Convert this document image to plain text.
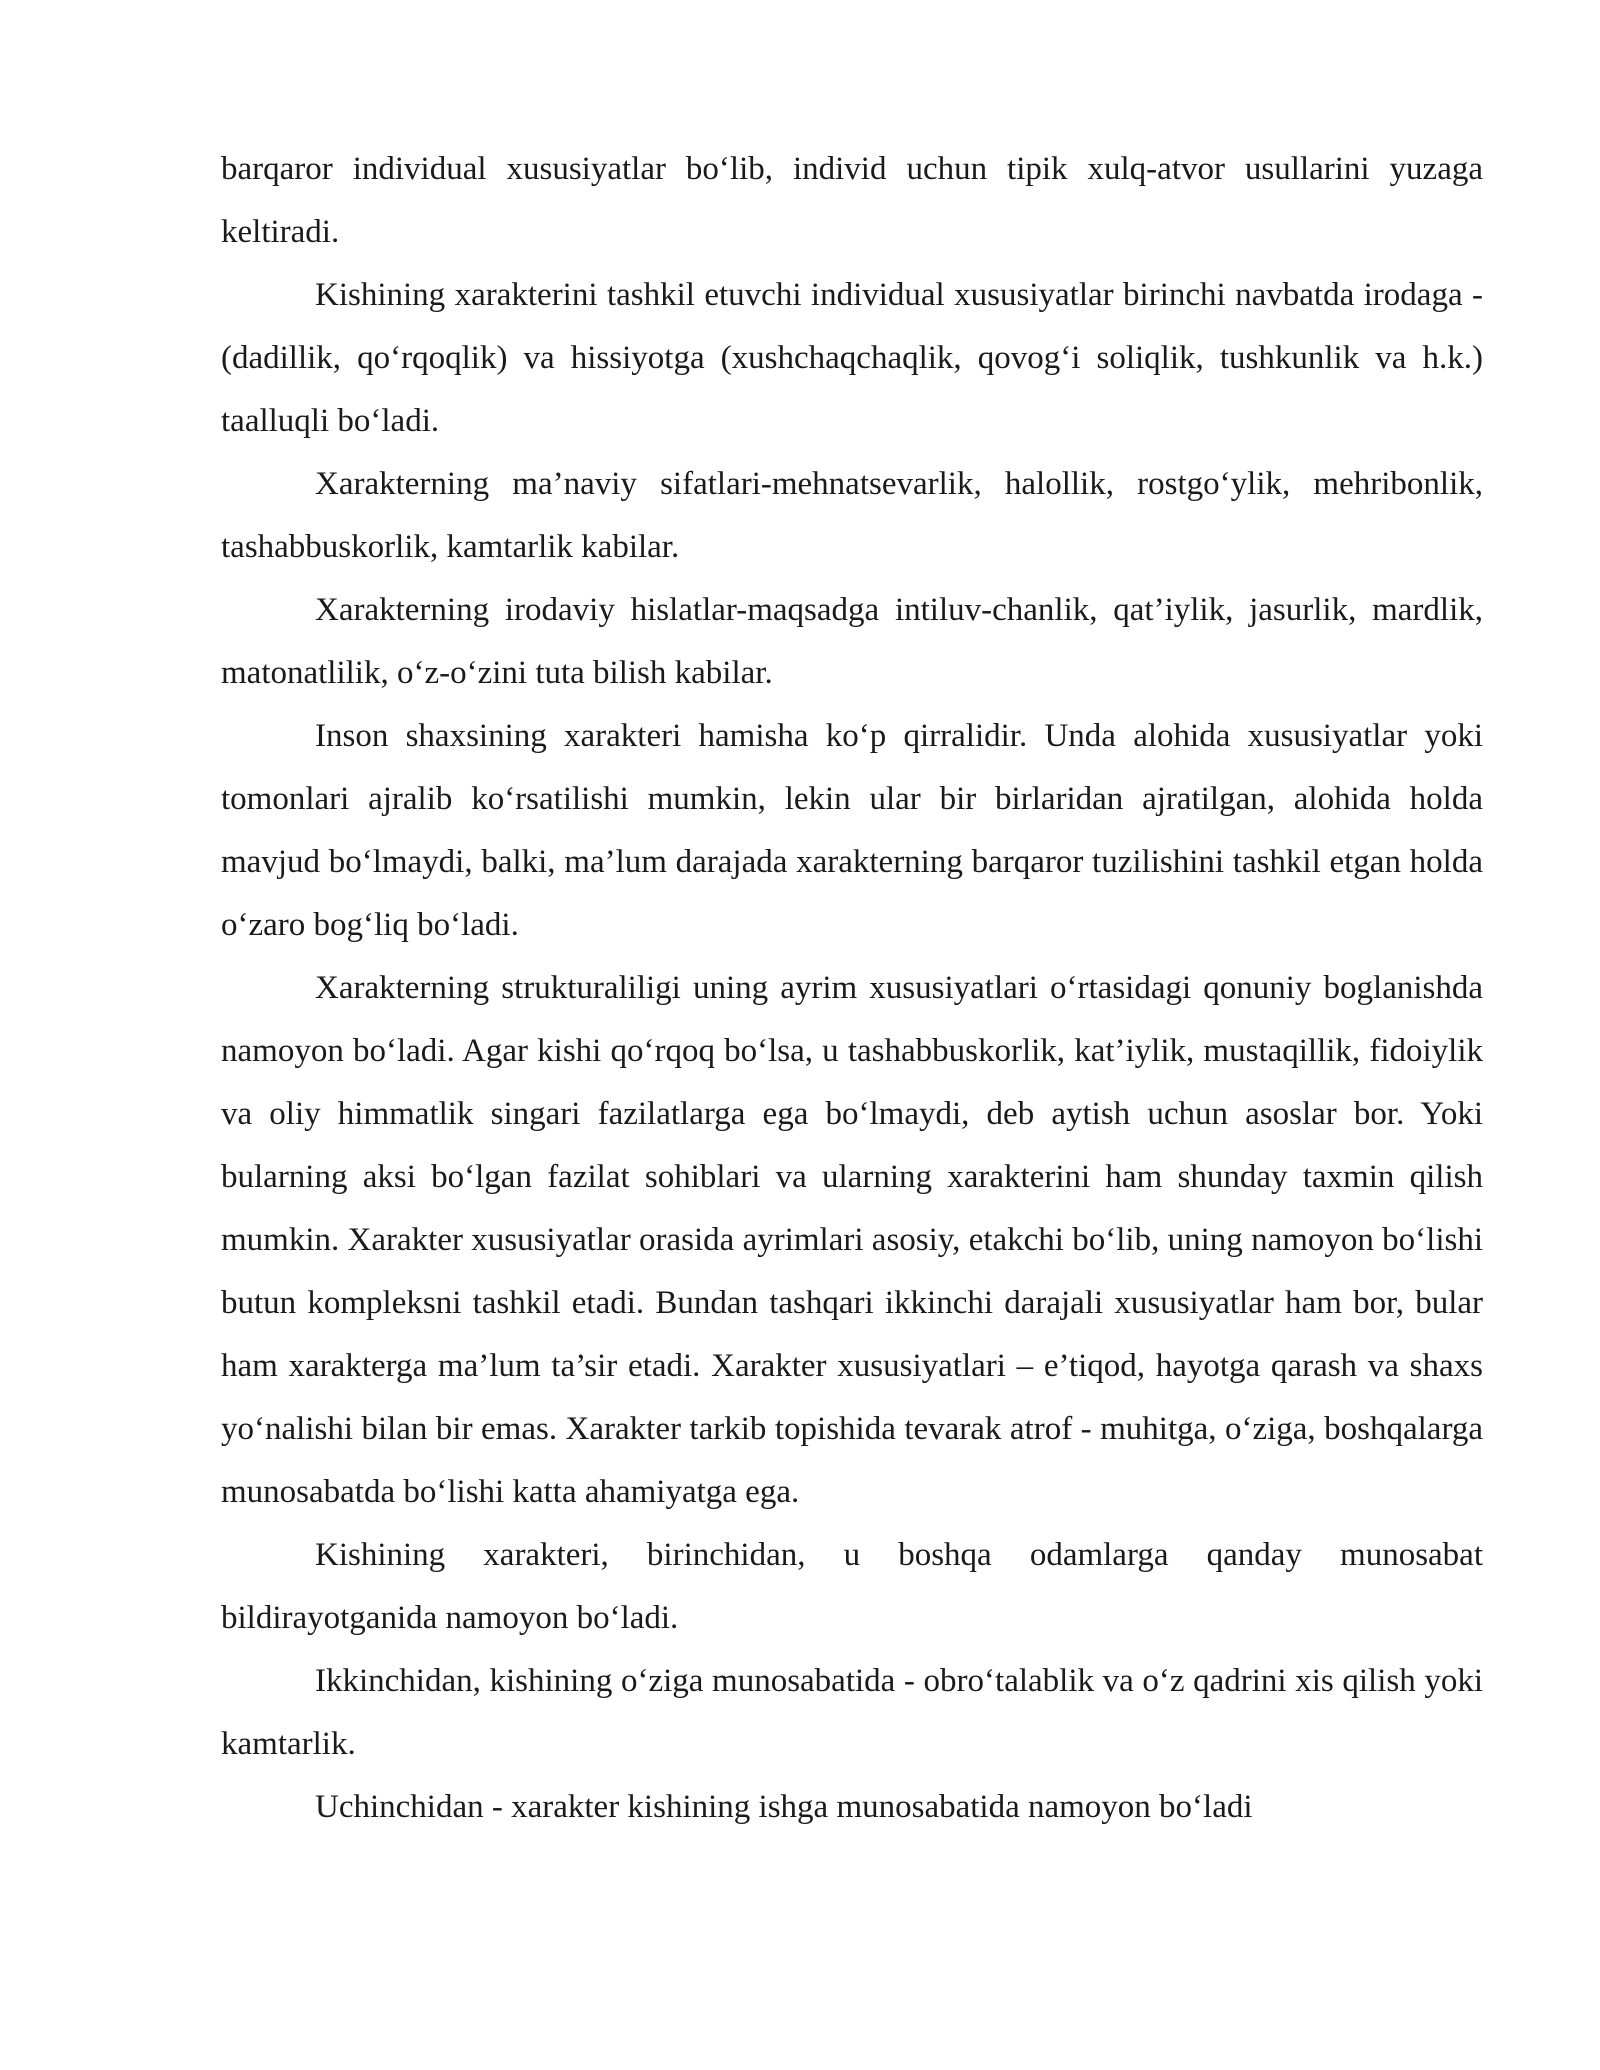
barqaror individual xususiyatlar bo‘lib, individ uchun tipik xulq-atvor usullarini yuzaga keltiradi.

Kishining xarakterini tashkil etuvchi individual xususiyatlar birinchi navbatda irodaga - (dadillik, qo‘rqoqlik) va hissiyotga (xushchaqchaqlik, qovog‘i soliqlik, tushkunlik va h.k.) taalluqli bo‘ladi.

Xarakterning ma’naviy sifatlari-mehnatsevarlik, halollik, rostgo‘ylik, mehribonlik, tashabbuskorlik, kamtarlik kabilar.

Xarakterning irodaviy hislatlar-maqsadga intiluv-chanlik, qat’iylik, jasurlik, mardlik, matonatlilik, o‘z-o‘zini tuta bilish kabilar.

Inson shaxsining xarakteri hamisha ko‘p qirralidir. Unda alohida xususiyatlar yoki tomonlari ajralib ko‘rsatilishi mumkin, lekin ular bir birlaridan ajratilgan, alohida holda mavjud bo‘lmaydi, balki, ma’lum darajada xarakterning barqaror tuzilishini tashkil etgan holda o‘zaro bog‘liq bo‘ladi.

Xarakterning strukturaliligi uning ayrim xususiyatlari o‘rtasidagi qonuniy boglanishda namoyon bo‘ladi. Agar kishi qo‘rqoq bo‘lsa, u tashabbuskorlik, kat’iylik, mustaqillik, fidoiylik va oliy himmatlik singari fazilatlarga ega bo‘lmaydi, deb aytish uchun asoslar bor. Yoki bularning aksi bo‘lgan fazilat sohiblari va ularning xarakterini ham shunday taxmin qilish mumkin. Xarakter xususiyatlar orasida ayrimlari asosiy, etakchi bo‘lib, uning namoyon bo‘lishi butun kompleksni tashkil etadi. Bundan tashqari ikkinchi darajali xususiyatlar ham bor, bular ham xarakterga ma’lum ta’sir etadi. Xarakter xususiyatlari – e’tiqod, hayotga qarash va shaxs yo‘nalishi bilan bir emas. Xarakter tarkib topishida tevarak atrof - muhitga, o‘ziga, boshqalarga munosabatda bo‘lishi katta ahamiyatga ega.

Kishining xarakteri, birinchidan, u boshqa odamlarga qanday munosabat bildirayotganida namoyon bo‘ladi.

Ikkinchidan, kishining o‘ziga munosabatida - obro‘talablik va o‘z qadrini xis qilish yoki kamtarlik.

Uchinchidan - xarakter kishining ishga munosabatida namoyon bo‘ladi
